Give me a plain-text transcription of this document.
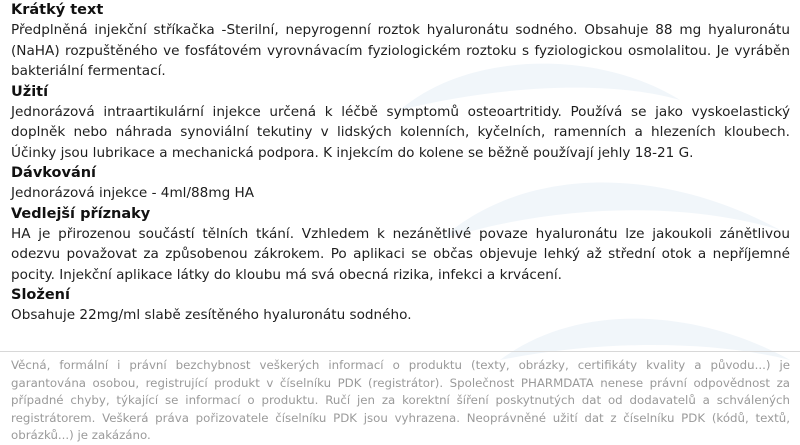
Krátký text
Předplněná injekční stříkačka -Sterilní, nepyrogenní roztok hyaluronátu sodného. Obsahuje 88 mg hyaluronátu (NaHA) rozpuštěného ve fosfátovém vyrovnávacím fyziologickém roztoku s fyziologickou osmolalitou. Je vyráběn bakteriální fermentací.
Užití
Jednorázová intraartikulární injekce určená k léčbě symptomů osteoartritidy. Používá se jako vyskoelastický doplněk nebo náhrada synoviální tekutiny v lidských kolenních, kyčelních, ramenních a hlezeních kloubech. Účinky jsou lubrikace a mechanická podpora. K injekcím do kolene se běžně používají jehly 18-21 G.
Dávkování
Jednorázová injekce - 4ml/88mg HA
Vedlejší příznaky
HA je přirozenou součástí tělních tkání. Vzhledem k nezánětlivé povaze hyaluronátu lze jakoukoli zánětlivou odezvu považovat za způsobenou zákrokem. Po aplikaci se občas objevuje lehký až střední otok a nepříjemné pocity. Injekční aplikace látky do kloubu má svá obecná rizika, infekci a krvácení.
Složení
Obsahuje 22mg/ml slabě zesítěného hyaluronátu sodného.
Věcná, formální i právní bezchybnost veškerých informací o produktu (texty, obrázky, certifikáty kvality a původu...) je garantována osobou, registrující produkt v číselníku PDK (registrátor). Společnost PHARMDATA nenese právní odpovědnost za případné chyby, týkající se informací o produktu. Ručí jen za korektní šíření poskytnutých dat od dodavatelů a schválených registrátorem. Veškerá práva pořizovatele číselníku PDK jsou vyhrazena. Neoprávněné užití dat z číselníku PDK (kódů, textů, obrázků...) je zakázáno.
